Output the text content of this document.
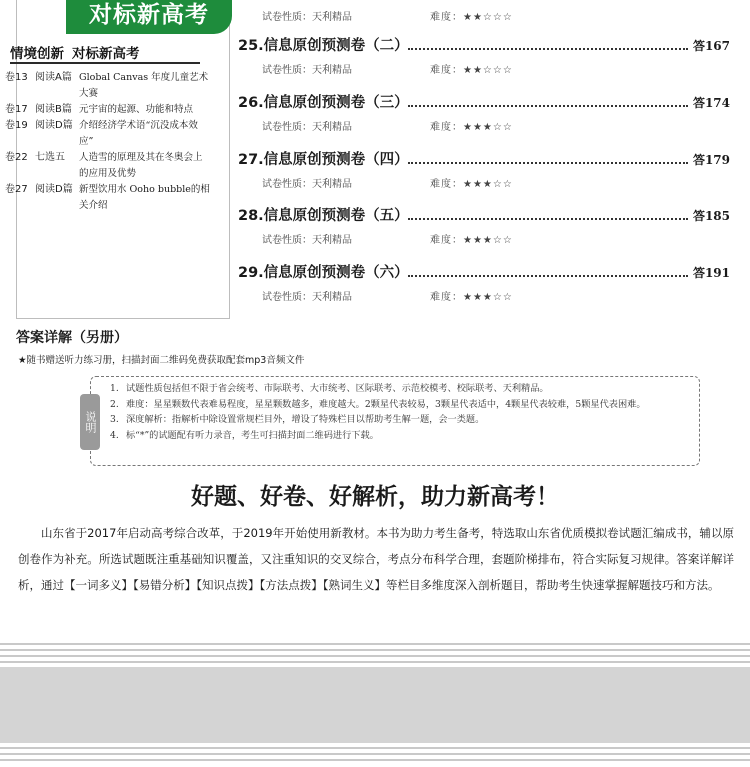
对标新高考
情境创新 对标新高考
卷13 阅读A篇 Global Canvas 年度儿童艺术大赛
卷17 阅读B篇 元宇宙的起源、功能和特点
卷19 阅读D篇 介绍经济学术语“沉没成本效应”
卷22 七选五	人造雪的原理及其在冬奥会上的应用及优势
卷27 阅读D篇 新型饮用水 Ooho bubble的相关介绍
试卷性质：天利精品	难度：★★☆☆☆
25.信息原创预测卷（二）	答167
试卷性质：天利精品	难度：★★☆☆☆
26.信息原创预测卷（三）	答174
试卷性质：天利精品	难度：★★★☆☆
27.信息原创预测卷（四）	答179
试卷性质：天利精品	难度：★★★☆☆
28.信息原创预测卷（五）	答185
试卷性质：天利精品	难度：★★★☆☆
29.信息原创预测卷（六）	答191
试卷性质：天利精品	难度：★★★☆☆
答案详解（另册）
★随书赠送听力练习册，扫描封面二维码免费获取配套mp3音频文件
说明
1. 试题性质包括但不限于省会统考、市际联考、大市统考、区际联考、示范校模考、校际联考、天利精品。
2. 难度：星星颗数代表难易程度，星星颗数越多，难度越大。2颗星代表较易，3颗星代表适中，4颗星代表较难，5颗星代表困难。
3. 深度解析：指解析中除设置常规栏目外，增设了特殊栏目以帮助考生解一题，会一类题。
4. 标“*”的试题配有听力录音，考生可扫描封面二维码进行下载。
好题、好卷、好解析，助力新高考！
山东省于2017年启动高考综合改革，于2019年开始使用新教材。本书为助力考生备考，特选取山东省优质模拟卷试题汇编成书，辅以原创卷作为补充。所选试题既注重基础知识覆盖，又注重知识的交叉综合，考点分布科学合理，套题阶梯排布，符合实际复习规律。答案详解详析，通过【一词多义】【易错分析】【知识点拨】【方法点拨】【熟词生义】等栏目多维度深入剖析题目，帮助考生快速掌握解题技巧和方法。
